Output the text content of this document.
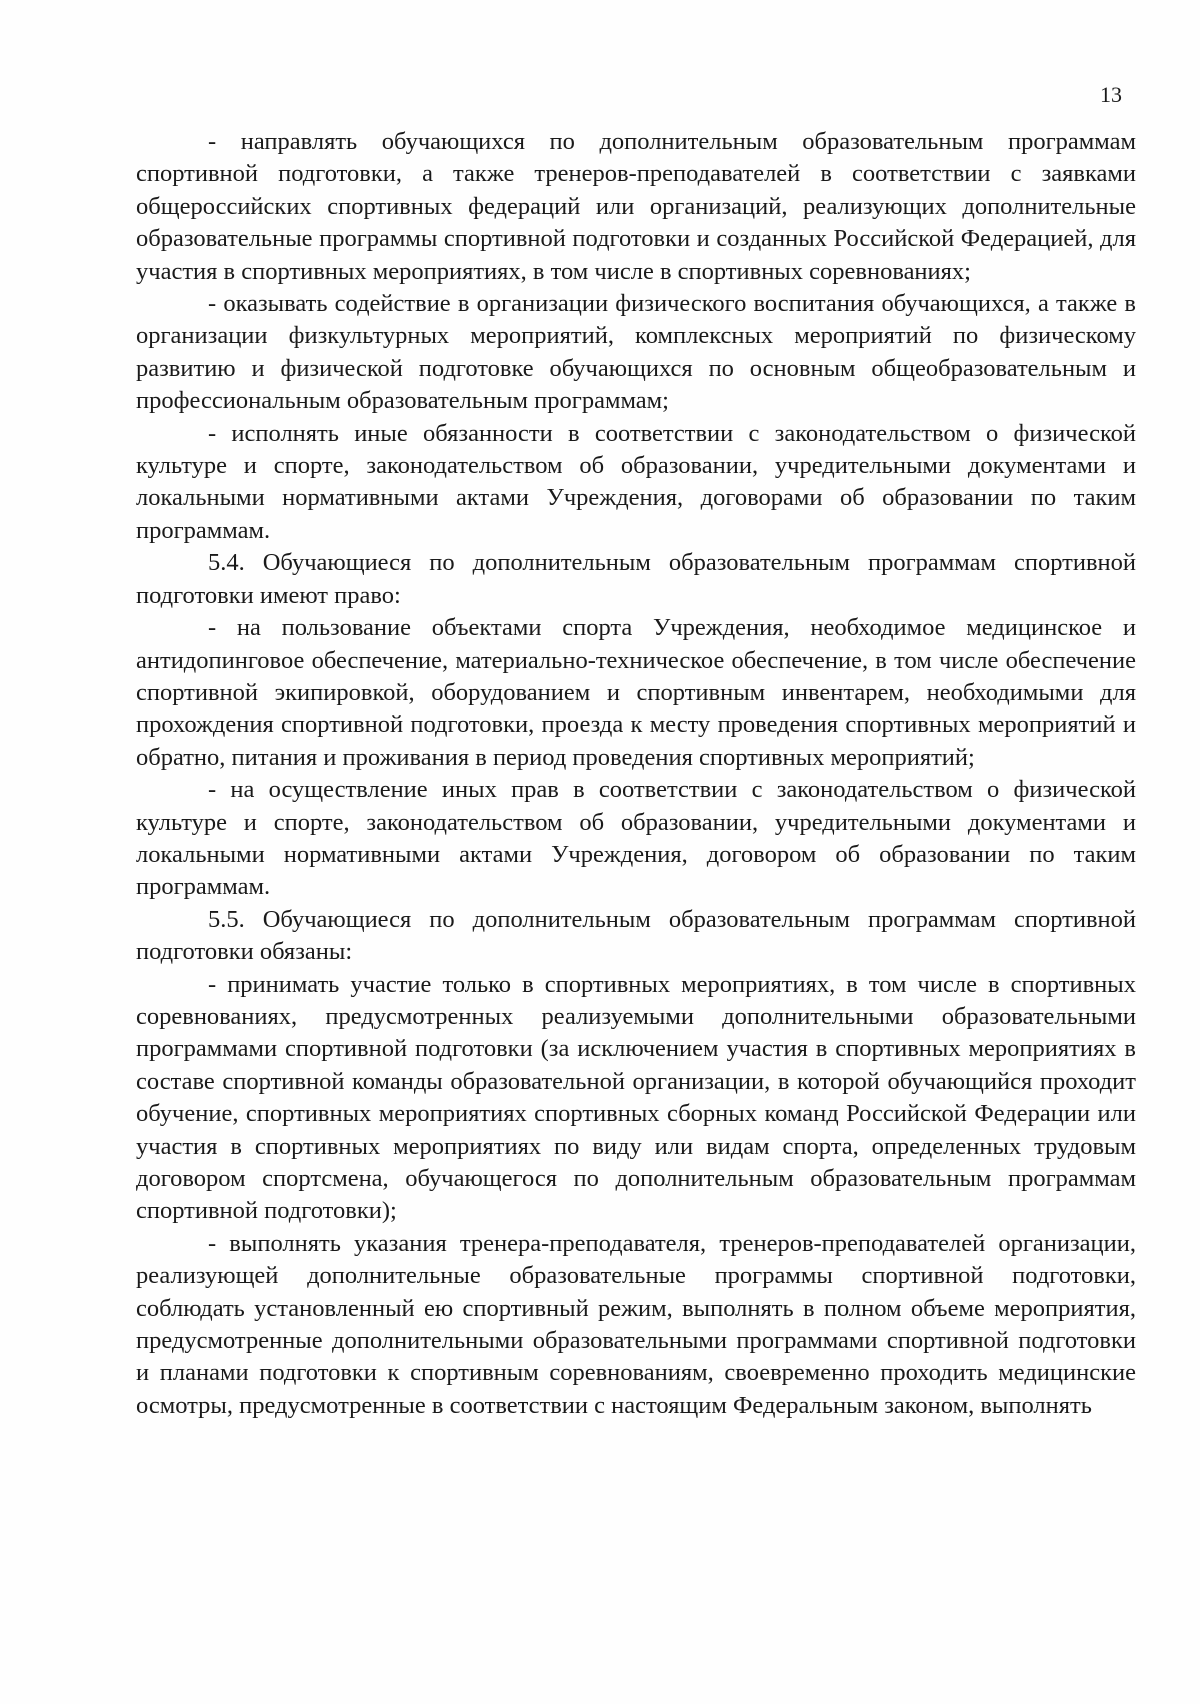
13

- направлять обучающихся по дополнительным образовательным программам спортивной подготовки, а также тренеров-преподавателей в соответствии с заявками общероссийских спортивных федераций или организаций, реализующих дополнительные образовательные программы спортивной подготовки и созданных Российской Федерацией, для участия в спортивных мероприятиях, в том числе в спортивных соревнованиях;

- оказывать содействие в организации физического воспитания обучающихся, а также в организации физкультурных мероприятий, комплексных мероприятий по физическому развитию и физической подготовке обучающихся по основным общеобразовательным и профессиональным образовательным программам;

- исполнять иные обязанности в соответствии с законодательством о физической культуре и спорте, законодательством об образовании, учредительными документами и локальными нормативными актами Учреждения, договорами об образовании по таким программам.

5.4. Обучающиеся по дополнительным образовательным программам спортивной подготовки имеют право:

- на пользование объектами спорта Учреждения, необходимое медицинское и антидопинговое обеспечение, материально-техническое обеспечение, в том числе обеспечение спортивной экипировкой, оборудованием и спортивным инвентарем, необходимыми для прохождения спортивной подготовки, проезда к месту проведения спортивных мероприятий и обратно, питания и проживания в период проведения спортивных мероприятий;

- на осуществление иных прав в соответствии с законодательством о физической культуре и спорте, законодательством об образовании, учредительными документами и локальными нормативными актами Учреждения, договором об образовании по таким программам.

5.5. Обучающиеся по дополнительным образовательным программам спортивной подготовки обязаны:

- принимать участие только в спортивных мероприятиях, в том числе в спортивных соревнованиях, предусмотренных реализуемыми дополнительными образовательными программами спортивной подготовки (за исключением участия в спортивных мероприятиях в составе спортивной команды образовательной организации, в которой обучающийся проходит обучение, спортивных мероприятиях спортивных сборных команд Российской Федерации или участия в спортивных мероприятиях по виду или видам спорта, определенных трудовым договором спортсмена, обучающегося по дополнительным образовательным программам спортивной подготовки);

- выполнять указания тренера-преподавателя, тренеров-преподавателей организации, реализующей дополнительные образовательные программы спортивной подготовки, соблюдать установленный ею спортивный режим, выполнять в полном объеме мероприятия, предусмотренные дополнительными образовательными программами спортивной подготовки и планами подготовки к спортивным соревнованиям, своевременно проходить медицинские осмотры, предусмотренные в соответствии с настоящим Федеральным законом, выполнять
